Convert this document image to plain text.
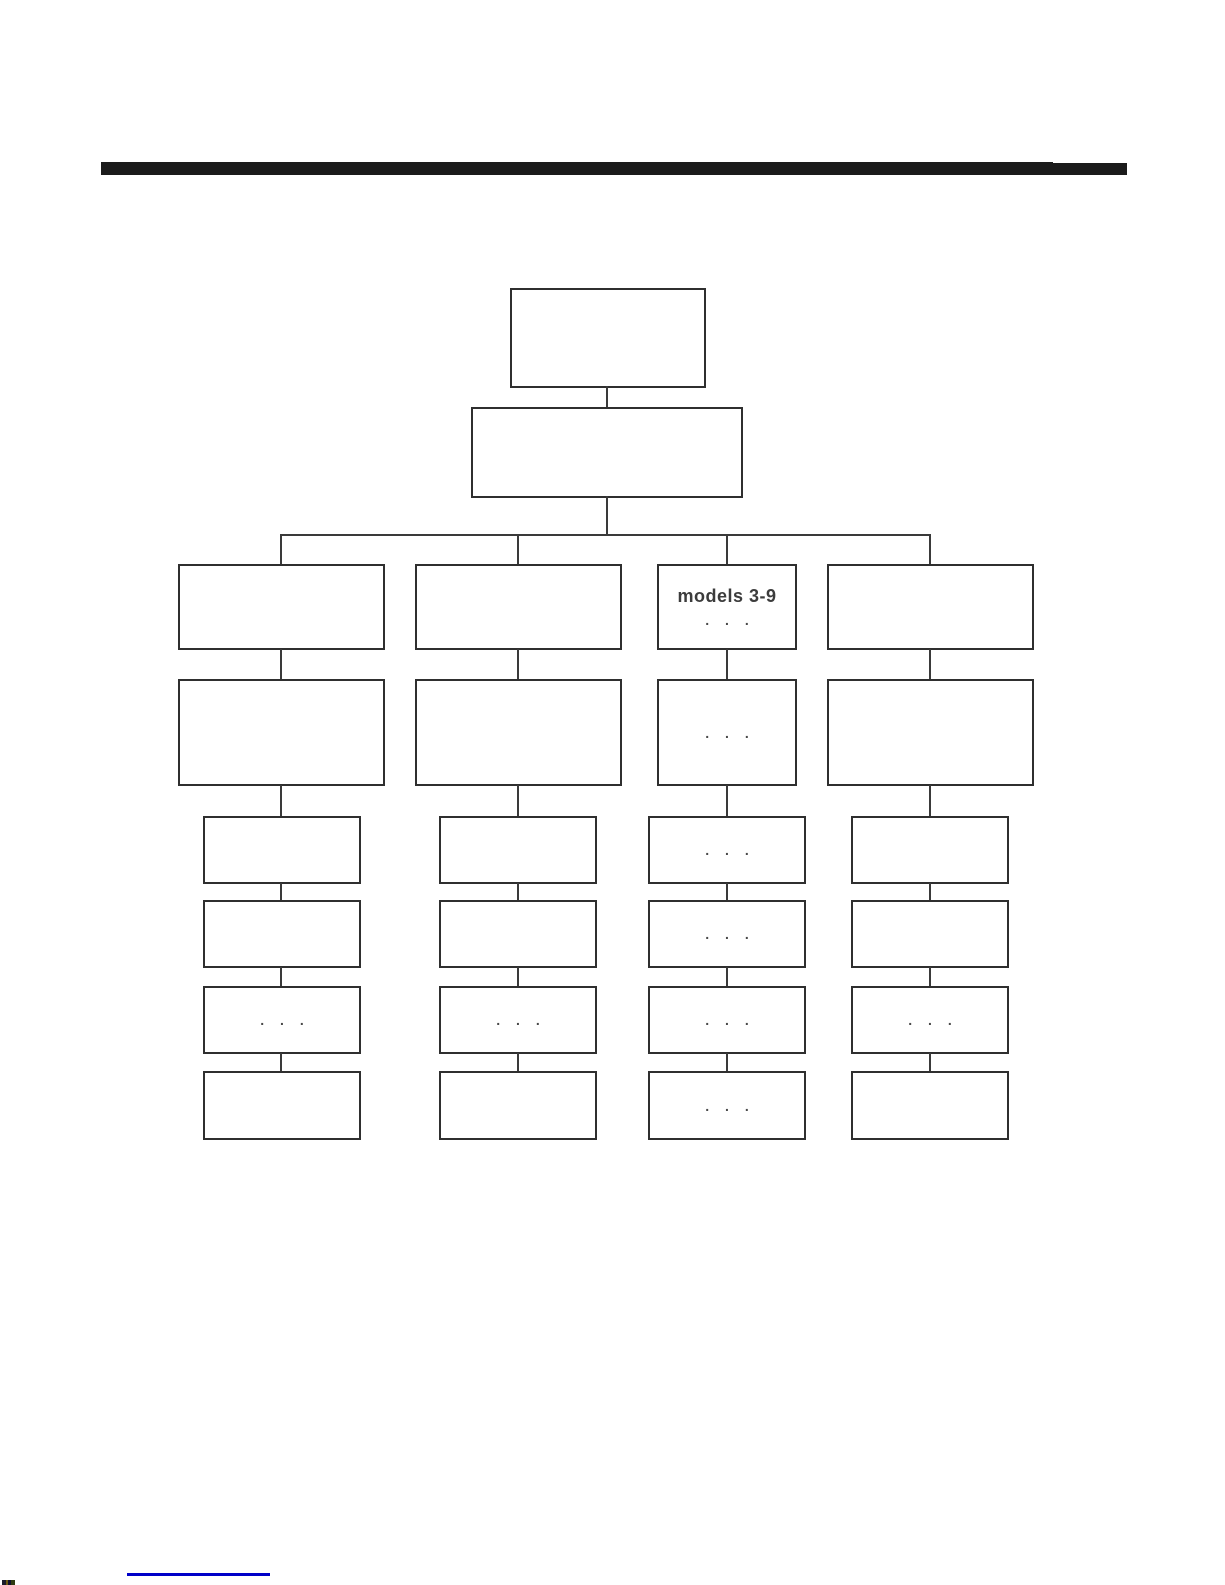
models 3-9
. . .
. . .
. . .
. . .
. . .	. . .	. . .	. . .
. . .
